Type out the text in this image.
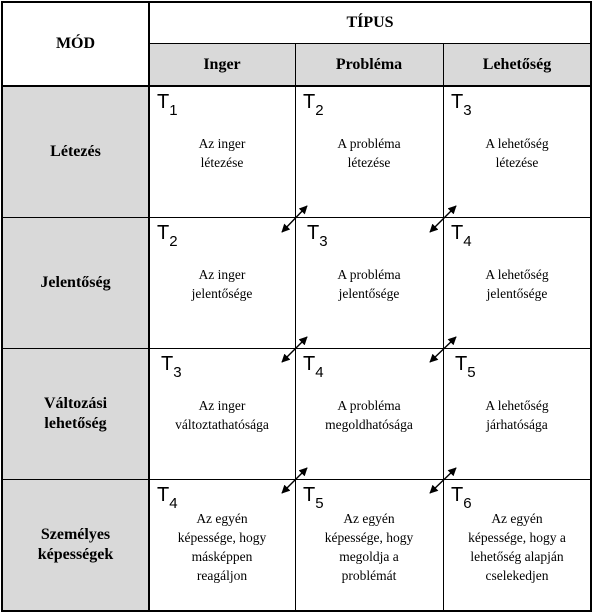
MÓD
TÍPUS
Inger	Probléma	Lehetőség
Létezés
Jelentőség
Változási
lehetőség
Személyes
képességek
$T_1$
Az inger
létezése
$T_2$
A probléma
létezése
$T_3$
A lehetőség
létezése
$T_2$
Az inger
jelentősége
$T_3$
A probléma
jelentősége
$T_4$
A lehetőség
jelentősége
$T_3$
Az inger
változtathatósága
$T_4$
A probléma
megoldhatósága
$T_5$
A lehetőség
járhatósága
$T_4$
Az egyén
képessége, hogy
másképpen
reagáljon
$T_5$
Az egyén
képessége, hogy
megoldja a
problémát
$T_6$
Az egyén
képessége, hogy a
lehetőség alapján
cselekedjen
